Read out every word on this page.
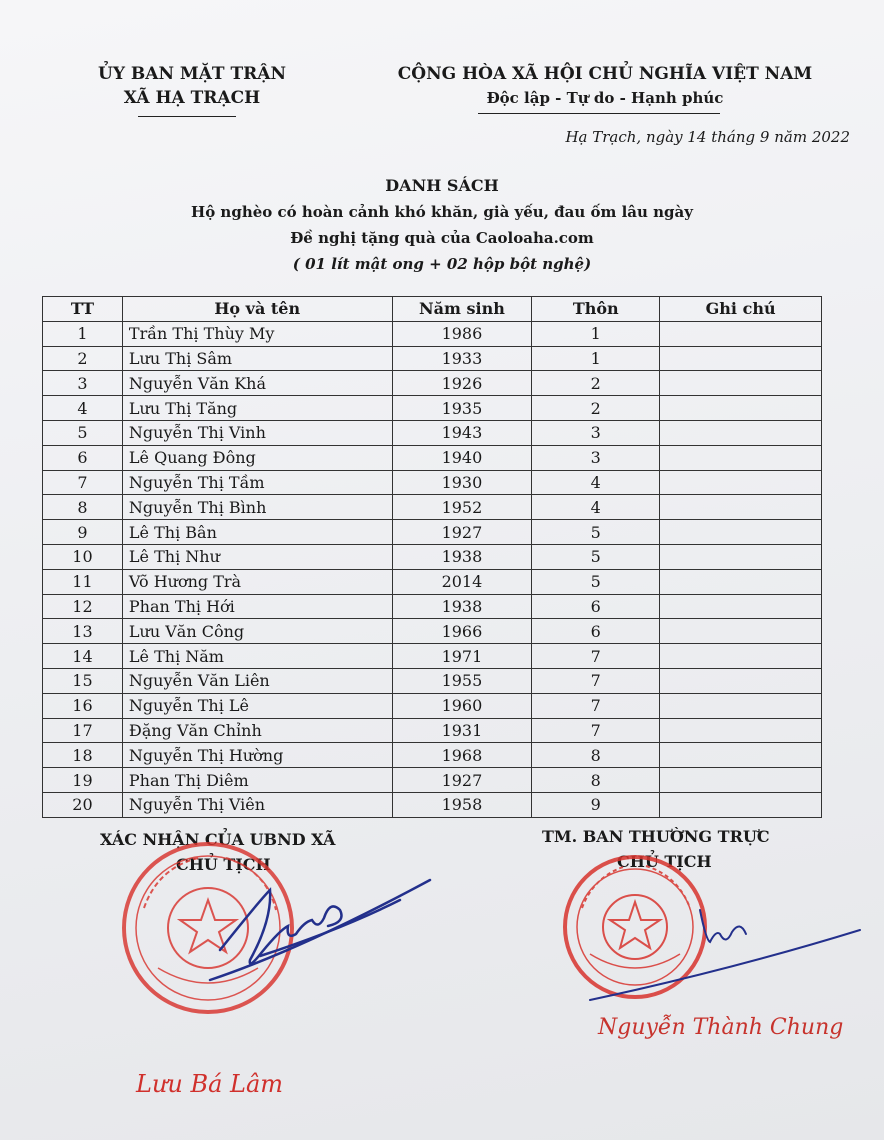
ỦY BAN MẶT TRẬN
XÃ HẠ TRẠCH
CỘNG HÒA XÃ HỘI CHỦ NGHĨA VIỆT NAM
Độc lập - Tự do - Hạnh phúc
Hạ Trạch, ngày 14 tháng 9 năm 2022
DANH SÁCH
Hộ nghèo có hoàn cảnh khó khăn, già yếu, đau ốm lâu ngày
Đề nghị tặng quà của Caoloaha.com
( 01 lít mật ong + 02 hộp bột nghệ)
TT	Họ và tên	Năm sinh	Thôn	Ghi chú
1	Trần Thị Thùy My	1986	1	
2	Lưu Thị Sâm	1933	1	
3	Nguyễn Văn Khá	1926	2	
4	Lưu Thị Tăng	1935	2	
5	Nguyễn Thị Vinh	1943	3	
6	Lê Quang Đông	1940	3	
7	Nguyễn Thị Tầm	1930	4	
8	Nguyễn Thị Bình	1952	4	
9	Lê Thị Bân	1927	5	
10	Lê Thị Như	1938	5	
11	Võ Hương Trà	2014	5	
12	Phan Thị Hới	1938	6	
13	Lưu Văn Công	1966	6	
14	Lê Thị Năm	1971	7	
15	Nguyễn Văn Liên	1955	7	
16	Nguyễn Thị Lê	1960	7	
17	Đặng Văn Chỉnh	1931	7	
18	Nguyễn Thị Hường	1968	8	
19	Phan Thị Diêm	1927	8	
20	Nguyễn Thị Viên	1958	9	
XÁC NHẬN CỦA UBND XÃ
CHỦ TỊCH
TM. BAN THƯỜNG TRỰC
CHỦ TỊCH
Lưu Bá Lâm
Nguyễn Thành Chung
